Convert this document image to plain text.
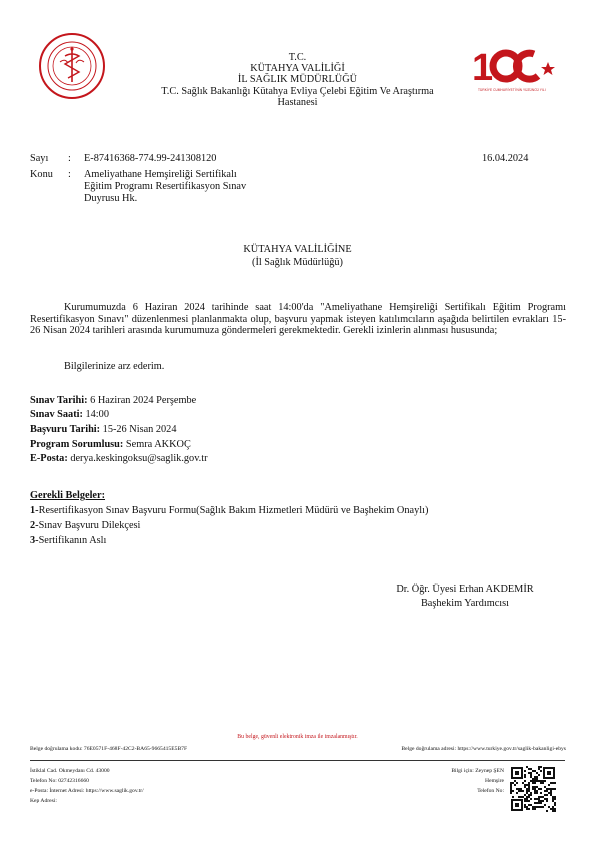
1
TÜRKİYE CUMHURİYETİ'NİN YÜZÜNCÜ YILI
T.C.
KÜTAHYA VALİLİĞİ
İL SAĞLIK MÜDÜRLÜĞÜ
T.C. Sağlık Bakanlığı Kütahya Evliya Çelebi Eğitim Ve Araştırma
Hastanesi
Sayı : E-87416368-774.99-241308120	16.04.2024
Konu : Ameliyathane Hemşireliği Sertifikalı
Eğitim Programı Resertifikasyon Sınav
Duyrusu Hk.
KÜTAHYA VALİLİĞİNE
(İl Sağlık Müdürlüğü)
Kurumumuzda 6 Haziran 2024 tarihinde saat 14:00'da "Ameliyathane Hemşireliği Sertifikalı Eğitim Programı Resertifikasyon Sınavı" düzenlenmesi planlanmakta olup, başvuru yapmak isteyen katılımcıların aşağıda belirtilen evrakları 15-26 Nisan 2024 tarihleri arasında kurumumuza göndermeleri gerekmektedir. Gerekli izinlerin alınması hususunda;
Bilgilerinize arz ederim.
Sınav Tarihi: 6 Haziran 2024 Perşembe
Sınav Saati: 14:00
Başvuru Tarihi: 15-26 Nisan 2024
Program Sorumlusu: Semra AKKOÇ
E-Posta: derya.keskingoksu@saglik.gov.tr
Gerekli Belgeler:
1-Resertifikasyon Sınav Başvuru Formu(Sağlık Bakım Hizmetleri Müdürü ve Başhekim Onaylı)
2-Sınav Başvuru Dilekçesi
3-Sertifikanın Aslı
Dr. Öğr. Üyesi Erhan AKDEMİR
Başhekim Yardımcısı
Bu belge, güvenli elektronik imza ile imzalanmıştır.
Belge doğrulama kodu: 76E0571F-468F-42C2-BA65-9665415E5B7F	Belge doğrulama adresi: https://www.turkiye.gov.tr/saglik-bakanligi-ebys
İstiklal Cad. Okmeydanı Cd. 43000
Telefon No: 02742316660
e-Posta: İnternet Adresi: https://www.saglik.gov.tr/
Kep Adresi:
Bilgi için: Zeynep ŞEN
Hemşire
Telefon No:
